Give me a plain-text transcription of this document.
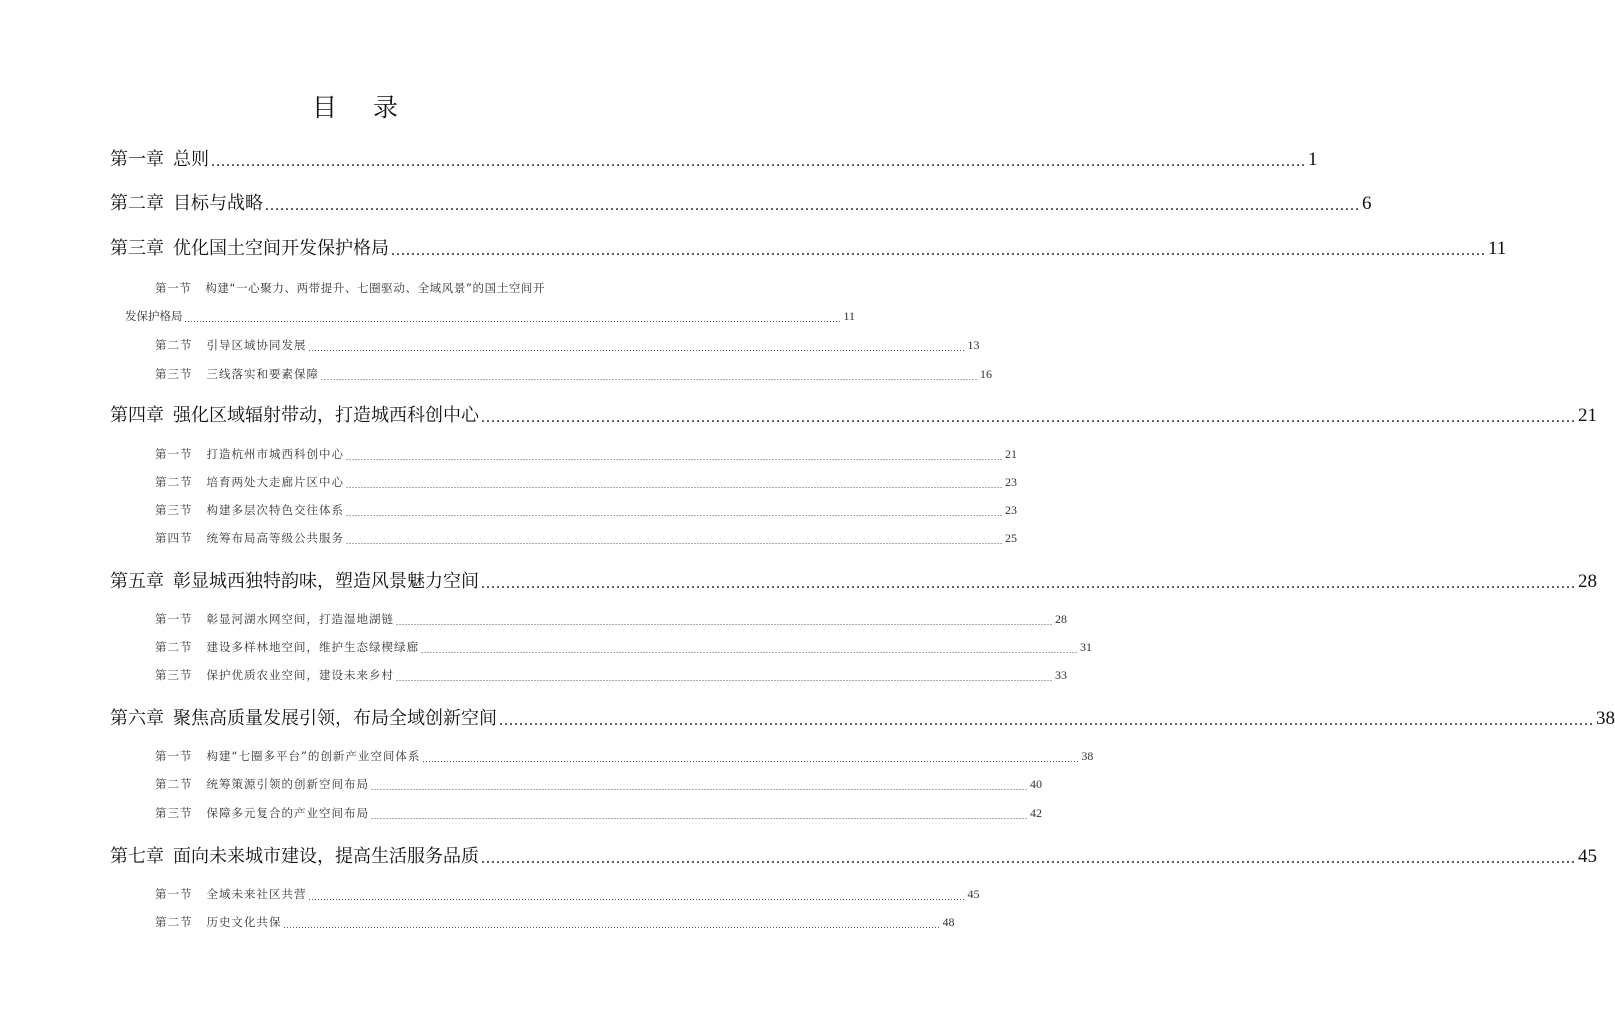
目 录
第一章 总则 ........................................................................................................................................................................................................................... 1
第二章 目标与战略 ........................................................................................................................................................................................................................... 6
第三章 优化国土空间开发保护格局 ........................................................................................................................................................................................................................... 11
第一节 构建“一心聚力、两带提升、七圈驱动、全域风景”的国土空间开
发保护格局 ........................................................................................................................................................................................................................... 11
第二节 引导区域协同发展 ........................................................................................................................................................................................................................... 13
第三节 三线落实和要素保障 ........................................................................................................................................................................................................................... 16
第四章 强化区域辐射带动，打造城西科创中心 ........................................................................................................................................................................................................................... 21
第一节 打造杭州市城西科创中心 ........................................................................................................................................................................................................................... 21
第二节 培育两处大走廊片区中心 ........................................................................................................................................................................................................................... 23
第三节 构建多层次特色交往体系 ........................................................................................................................................................................................................................... 23
第四节 统筹布局高等级公共服务 ........................................................................................................................................................................................................................... 25
第五章 彰显城西独特韵味，塑造风景魅力空间 ........................................................................................................................................................................................................................... 28
第一节 彰显河湖水网空间，打造湿地湖链 ........................................................................................................................................................................................................................... 28
第二节 建设多样林地空间，维护生态绿楔绿廊 ........................................................................................................................................................................................................................... 31
第三节 保护优质农业空间，建设未来乡村 ........................................................................................................................................................................................................................... 33
第六章 聚焦高质量发展引领，布局全域创新空间 ........................................................................................................................................................................................................................... 38
第一节 构建“七圈多平台”的创新产业空间体系 ........................................................................................................................................................................................................................... 38
第二节 统筹策源引领的创新空间布局 ........................................................................................................................................................................................................................... 40
第三节 保障多元复合的产业空间布局 ........................................................................................................................................................................................................................... 42
第七章 面向未来城市建设，提高生活服务品质 ........................................................................................................................................................................................................................... 45
第一节 全域未来社区共营 ........................................................................................................................................................................................................................... 45
第二节 历史文化共保 ........................................................................................................................................................................................................................... 48
